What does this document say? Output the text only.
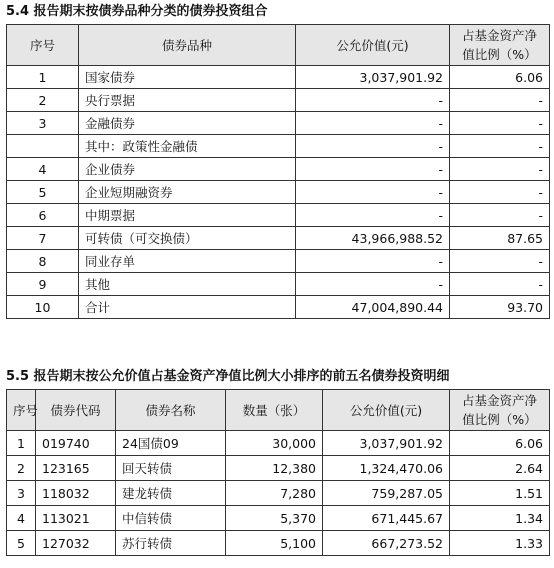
5.4 报告期末按债券品种分类的债券投资组合
序号	债券品种	公允价值(元)	占基金资产净值比例（%）
1	国家债券	3,037,901.92	6.06
2	央行票据	-	-
3	金融债券	-	-
	其中：政策性金融债	-	-
4	企业债券	-	-
5	企业短期融资券	-	-
6	中期票据	-	-
7	可转债（可交换债）	43,966,988.52	87.65
8	同业存单	-	-
9	其他	-	-
10	合计	47,004,890.44	93.70
5.5 报告期末按公允价值占基金资产净值比例大小排序的前五名债券投资明细
序号	债券代码	债券名称	数量（张）	公允价值(元)	占基金资产净值比例（%）
1	019740	24国债09	30,000	3,037,901.92	6.06
2	123165	回天转债	12,380	1,324,470.06	2.64
3	118032	建龙转债	7,280	759,287.05	1.51
4	113021	中信转债	5,370	671,445.67	1.34
5	127032	苏行转债	5,100	667,273.52	1.33
